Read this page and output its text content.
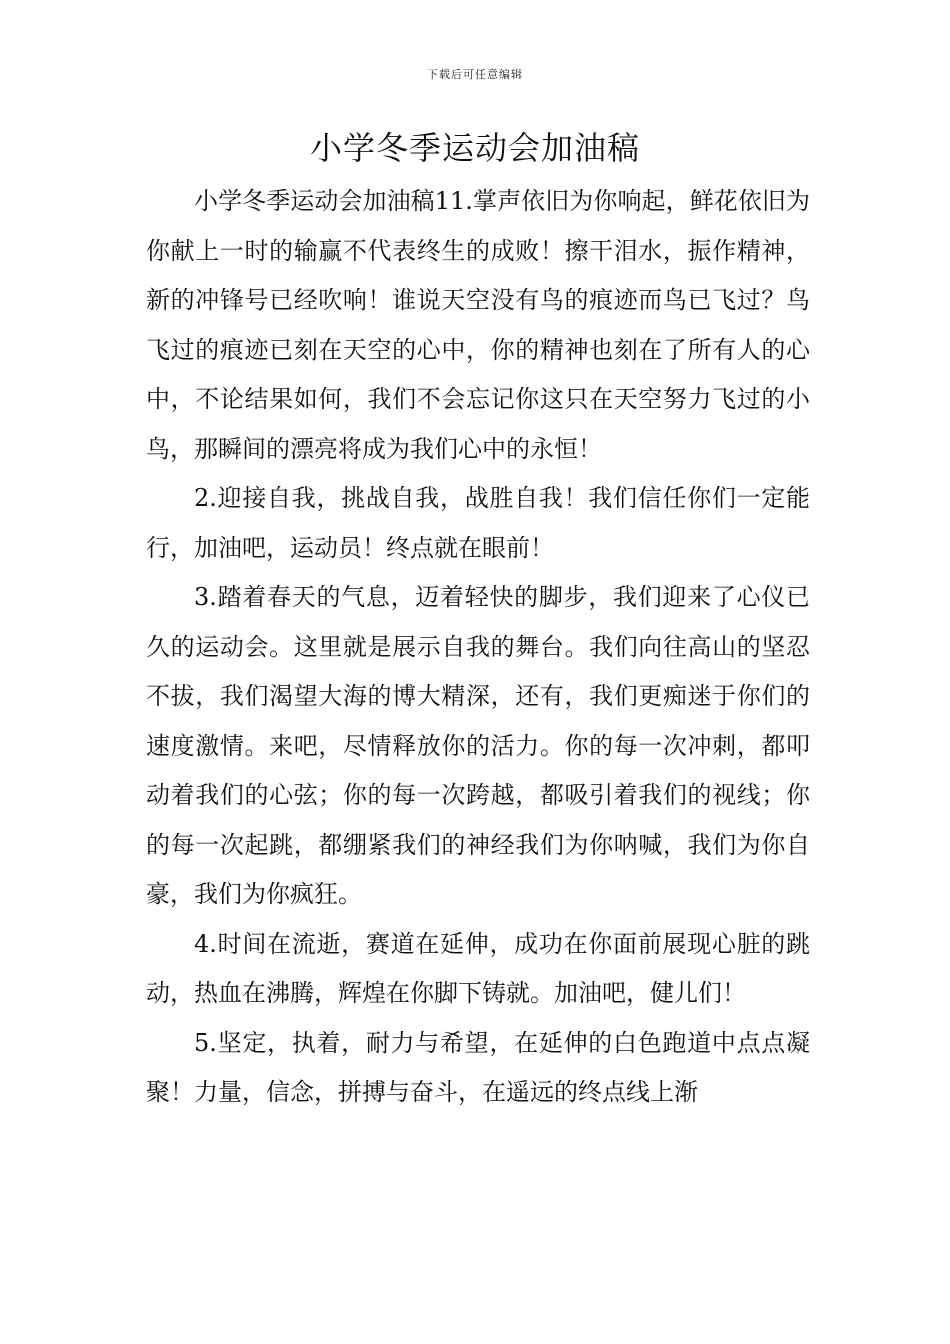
下载后可任意编辑
小学冬季运动会加油稿

小学冬季运动会加油稿11.掌声依旧为你响起，鲜花依旧为你献上一时的输赢不代表终生的成败！擦干泪水，振作精神，新的冲锋号已经吹响！谁说天空没有鸟的痕迹而鸟已飞过？鸟飞过的痕迹已刻在天空的心中，你的精神也刻在了所有人的心中，不论结果如何，我们不会忘记你这只在天空努力飞过的小鸟，那瞬间的漂亮将成为我们心中的永恒！

2.迎接自我，挑战自我，战胜自我！我们信任你们一定能行，加油吧，运动员！终点就在眼前！

3.踏着春天的气息，迈着轻快的脚步，我们迎来了心仪已久的运动会。这里就是展示自我的舞台。我们向往高山的坚忍不拔，我们渴望大海的博大精深，还有，我们更痴迷于你们的速度激情。来吧，尽情释放你的活力。你的每一次冲刺，都叩动着我们的心弦；你的每一次跨越，都吸引着我们的视线；你的每一次起跳，都绷紧我们的神经我们为你呐喊，我们为你自豪，我们为你疯狂。

4.时间在流逝，赛道在延伸，成功在你面前展现心脏的跳动，热血在沸腾，辉煌在你脚下铸就。加油吧，健儿们！

5.坚定，执着，耐力与希望，在延伸的白色跑道中点点凝聚！力量，信念，拼搏与奋斗，在遥远的终点线上渐
